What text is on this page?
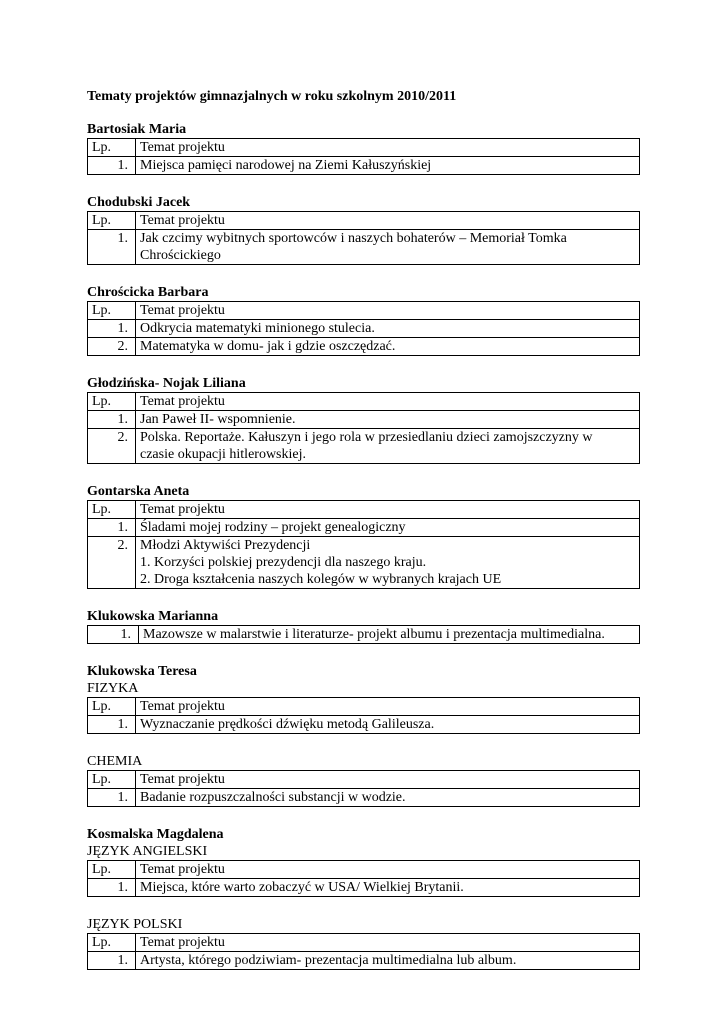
Tematy projektów gimnazjalnych w roku szkolnym 2010/2011
Bartosiak Maria
Lp.	Temat projektu
1.	Miejsca pamięci narodowej na Ziemi Kałuszyńskiej
Chodubski Jacek
Lp.	Temat projektu
1.	Jak czcimy wybitnych sportowców i naszych bohaterów – Memoriał Tomka
Chrościckiego
Chrościcka Barbara
Lp.	Temat projektu
1.	Odkrycia matematyki minionego stulecia.

2.	Matematyka w domu- jak i gdzie oszczędzać.
Głodzińska- Nojak Liliana
Lp.	Temat projektu
1.	Jan Paweł II- wspomnienie.

2.	Polska. Reportaże. Kałuszyn i jego rola w przesiedlaniu dzieci zamojszczyzny w
czasie okupacji hitlerowskiej.
Gontarska Aneta
Lp.	Temat projektu
1.	Śladami mojej rodziny – projekt genealogiczny

2.	Młodzi Aktywiści Prezydencji
1. Korzyści polskiej prezydencji dla naszego kraju.
2. Droga kształcenia naszych kolegów w wybranych krajach UE
Klukowska Marianna
1.	Mazowsze w malarstwie i literaturze- projekt albumu i prezentacja multimedialna.
Klukowska Teresa
FIZYKA
Lp.	Temat projektu
1.	Wyznaczanie prędkości dźwięku metodą Galileusza.
CHEMIA
Lp.	Temat projektu
1.	Badanie rozpuszczalności substancji w wodzie.
Kosmalska Magdalena
JĘZYK ANGIELSKI
Lp.	Temat projektu
1.	Miejsca, które warto zobaczyć w USA/ Wielkiej Brytanii.
JĘZYK POLSKI
Lp.	Temat projektu
1.	Artysta, którego podziwiam- prezentacja multimedialna lub album.
